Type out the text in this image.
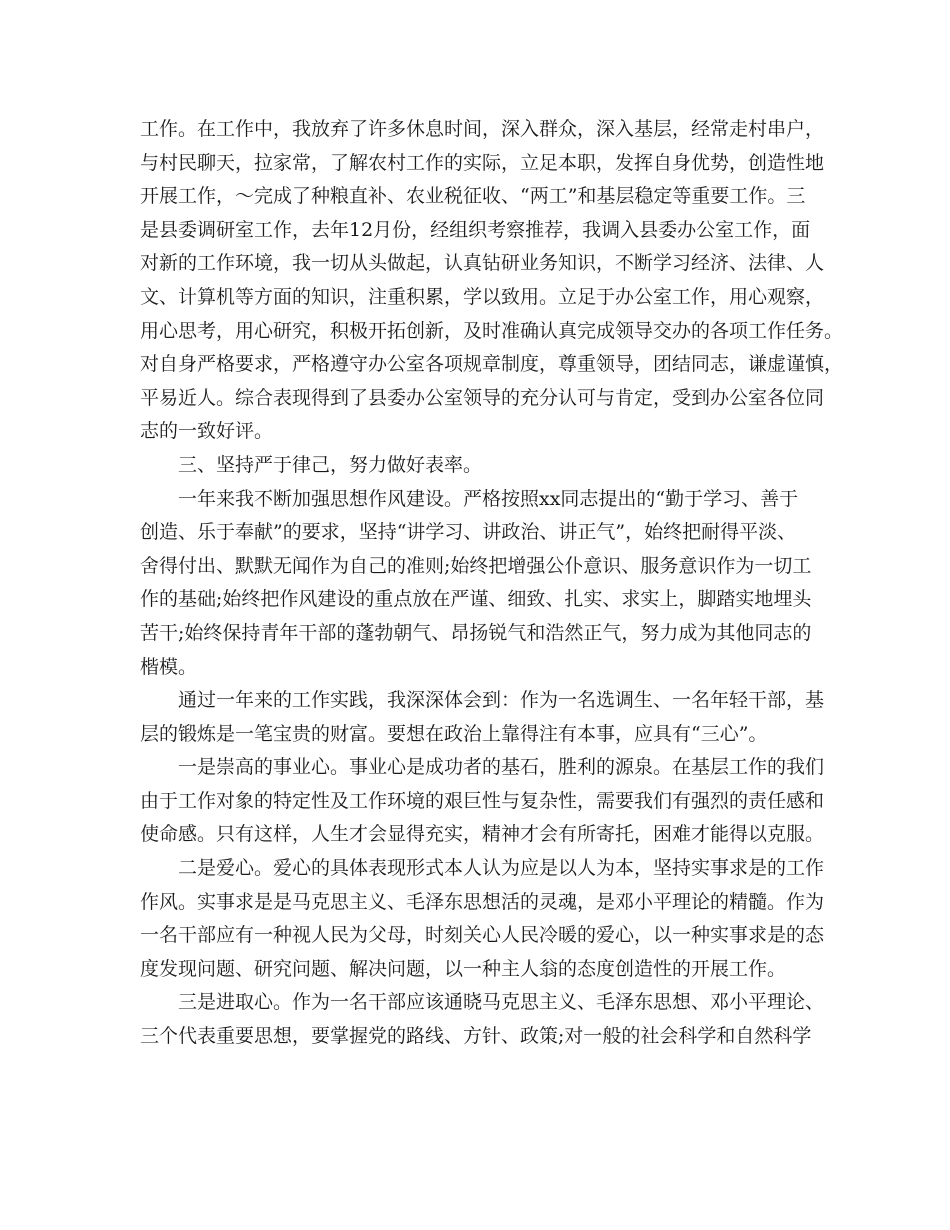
工作。在工作中，我放弃了许多休息时间，深入群众，深入基层，经常走村串户，
与村民聊天，拉家常，了解农村工作的实际，立足本职，发挥自身优势，创造性地
开展工作，～完成了种粮直补、农业税征收、“两工”和基层稳定等重要工作。三
是县委调研室工作，去年12月份，经组织考察推荐，我调入县委办公室工作，面
对新的工作环境，我一切从头做起，认真钻研业务知识，不断学习经济、法律、人
文、计算机等方面的知识，注重积累，学以致用。立足于办公室工作，用心观察，
用心思考，用心研究，积极开拓创新，及时准确认真完成领导交办的各项工作任务。
对自身严格要求，严格遵守办公室各项规章制度，尊重领导，团结同志，谦虚谨慎，
平易近人。综合表现得到了县委办公室领导的充分认可与肯定，受到办公室各位同
志的一致好评。
三、坚持严于律己，努力做好表率。
一年来我不断加强思想作风建设。严格按照xx同志提出的“勤于学习、善于
创造、乐于奉献”的要求，坚持“讲学习、讲政治、讲正气”，始终把耐得平淡、
舍得付出、默默无闻作为自己的准则;始终把增强公仆意识、服务意识作为一切工
作的基础;始终把作风建设的重点放在严谨、细致、扎实、求实上，脚踏实地埋头
苦干;始终保持青年干部的蓬勃朝气、昂扬锐气和浩然正气，努力成为其他同志的
楷模。
通过一年来的工作实践，我深深体会到：作为一名选调生、一名年轻干部，基
层的锻炼是一笔宝贵的财富。要想在政治上靠得注有本事，应具有“三心”。
一是崇高的事业心。事业心是成功者的基石，胜利的源泉。在基层工作的我们
由于工作对象的特定性及工作环境的艰巨性与复杂性，需要我们有强烈的责任感和
使命感。只有这样，人生才会显得充实，精神才会有所寄托，困难才能得以克服。
二是爱心。爱心的具体表现形式本人认为应是以人为本，坚持实事求是的工作
作风。实事求是是马克思主义、毛泽东思想活的灵魂，是邓小平理论的精髓。作为
一名干部应有一种视人民为父母，时刻关心人民冷暖的爱心，以一种实事求是的态
度发现问题、研究问题、解决问题，以一种主人翁的态度创造性的开展工作。
三是进取心。作为一名干部应该通晓马克思主义、毛泽东思想、邓小平理论、
三个代表重要思想，要掌握党的路线、方针、政策;对一般的社会科学和自然科学
